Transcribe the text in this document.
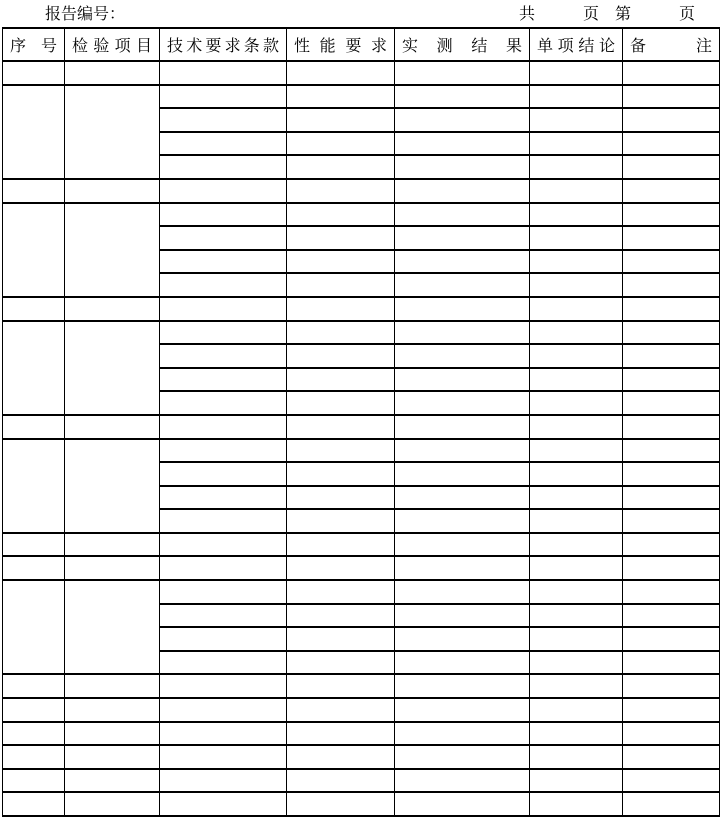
报告编号：

	共　　　页　第　　　页

序 号	检验项目	技术要求条款	性 能 要 求	实 测 结 果	单项结论	备 注
